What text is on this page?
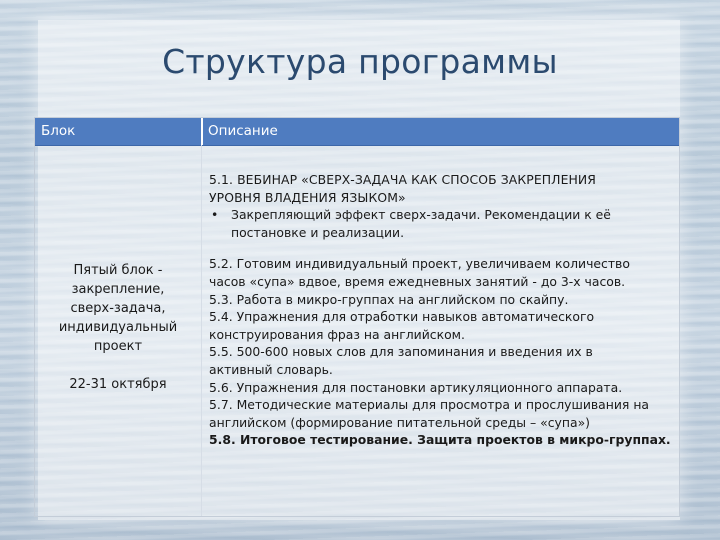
Структура программы
Блок	Описание
Пятый блок -
закрепление,
сверх-задача,
индивидуальный
проект
22-31 октября

5.1. ВЕБИНАР «СВЕРХ-ЗАДАЧА КАК СПОСОБ ЗАКРЕПЛЕНИЯ

УРОВНЯ ВЛАДЕНИЯ ЯЗЫКОМ»

• Закрепляющий эффект сверх-задачи. Рекомендации к её
постановке и реализации.
5.2. Готовим индивидуальный проект, увеличиваем количество
часов «супа» вдвое, время ежедневных занятий - до 3-х часов.
5.3. Работа в микро-группах на английском по скайпу.
5.4. Упражнения для отработки навыков автоматического
конструирования фраз на английском.
5.5. 500-600 новых слов для запоминания и введения их в
активный словарь.
5.6. Упражнения для постановки артикуляционного аппарата.
5.7. Методические материалы для просмотра и прослушивания на
английском (формирование питательной среды – «супа»)
5.8. Итоговое тестирование. Защита проектов в микро-группах.
